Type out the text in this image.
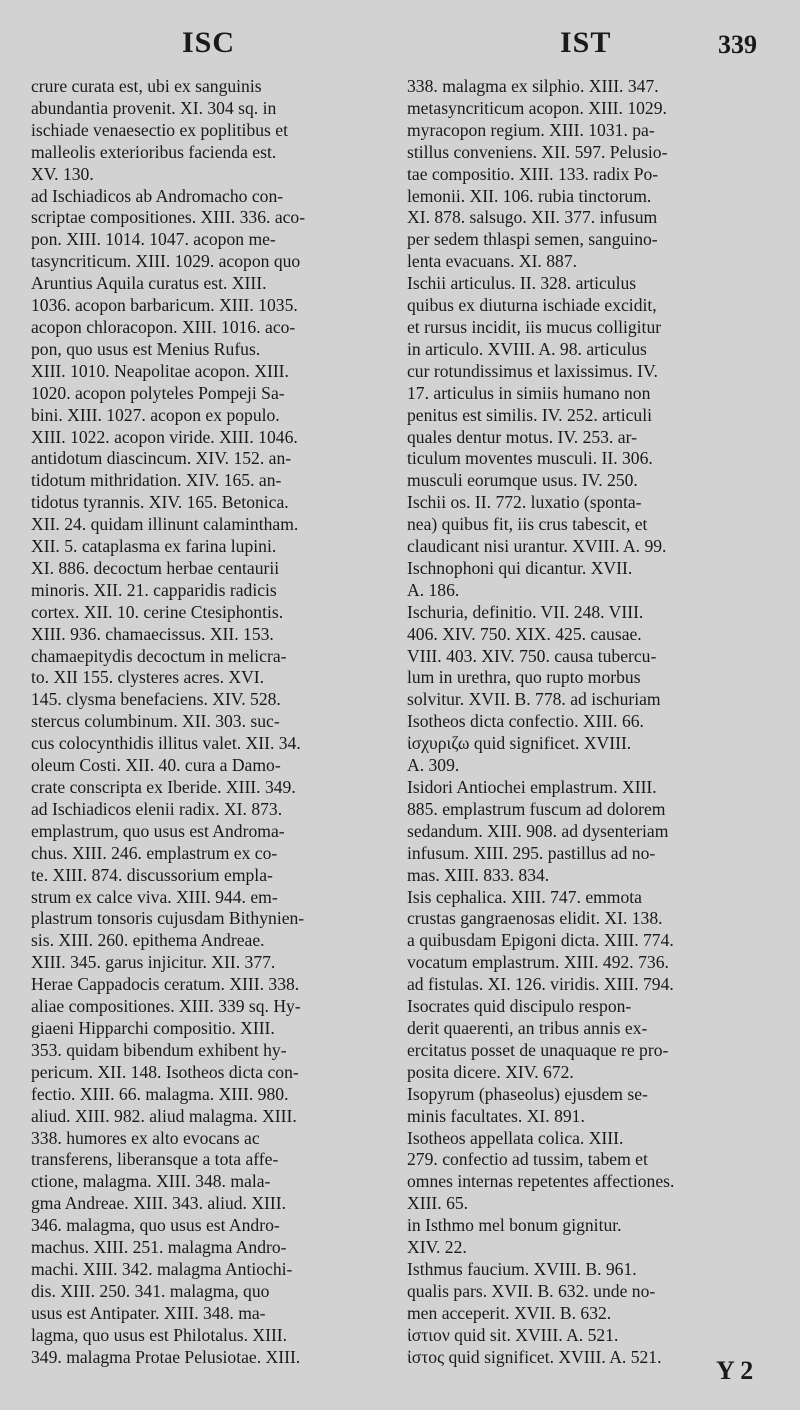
ISC	IST	339
crure curata est, ubi ex sanguinis
abundantia provenit. XI. 304 sq. in
ischiade venaesectio ex poplitibus et
malleolis exterioribus facienda est.
XV. 130.
ad Ischiadicos ab Andromacho con-
scriptae compositiones. XIII. 336. aco-
pon. XIII. 1014. 1047. acopon me-
tasyncriticum. XIII. 1029. acopon quo
Aruntius Aquila curatus est. XIII.
1036. acopon barbaricum. XIII. 1035.
acopon chloracopon. XIII. 1016. aco-
pon, quo usus est Menius Rufus.
XIII. 1010. Neapolitae acopon. XIII.
1020. acopon polyteles Pompeji Sa-
bini. XIII. 1027. acopon ex populo.
XIII. 1022. acopon viride. XIII. 1046.
antidotum diascincum. XIV. 152. an-
tidotum mithridation. XIV. 165. an-
tidotus tyrannis. XIV. 165. Betonica.
XII. 24. quidam illinunt calamintham.
XII. 5. cataplasma ex farina lupini.
XI. 886. decoctum herbae centaurii
minoris. XII. 21. capparidis radicis
cortex. XII. 10. cerine Ctesiphontis.
XIII. 936. chamaecissus. XII. 153.
chamaepitydis decoctum in melicra-
to. XII 155. clysteres acres. XVI.
145. clysma benefaciens. XIV. 528.
stercus columbinum. XII. 303. suc-
cus colocynthidis illitus valet. XII. 34.
oleum Costi. XII. 40. cura a Damo-
crate conscripta ex Iberide. XIII. 349.
ad Ischiadicos elenii radix. XI. 873.
emplastrum, quo usus est Androma-
chus. XIII. 246. emplastrum ex co-
te. XIII. 874. discussorium empla-
strum ex calce viva. XIII. 944. em-
plastrum tonsoris cujusdam Bithynien-
sis. XIII. 260. epithema Andreae.
XIII. 345. garus injicitur. XII. 377.
Herae Cappadocis ceratum. XIII. 338.
aliae compositiones. XIII. 339 sq. Hy-
giaeni Hipparchi compositio. XIII.
353. quidam bibendum exhibent hy-
pericum. XII. 148. Isotheos dicta con-
fectio. XIII. 66. malagma. XIII. 980.
aliud. XIII. 982. aliud malagma. XIII.
338. humores ex alto evocans ac
transferens, liberansque a tota affe-
ctione, malagma. XIII. 348. mala-
gma Andreae. XIII. 343. aliud. XIII.
346. malagma, quo usus est Andro-
machus. XIII. 251. malagma Andro-
machi. XIII. 342. malagma Antiochi-
dis. XIII. 250. 341. malagma, quo
usus est Antipater. XIII. 348. ma-
lagma, quo usus est Philotalus. XIII.
349. malagma Protae Pelusiotae. XIII.
338. malagma ex silphio. XIII. 347.
metasyncriticum acopon. XIII. 1029.
myracopon regium. XIII. 1031. pa-
stillus conveniens. XII. 597. Pelusio-
tae compositio. XIII. 133. radix Po-
lemonii. XII. 106. rubia tinctorum.
XI. 878. salsugo. XII. 377. infusum
per sedem thlaspi semen, sanguino-
lenta evacuans. XI. 887.
Ischii articulus. II. 328. articulus
quibus ex diuturna ischiade excidit,
et rursus incidit, iis mucus colligitur
in articulo. XVIII. A. 98. articulus
cur rotundissimus et laxissimus. IV.
17. articulus in simiis humano non
penitus est similis. IV. 252. articuli
quales dentur motus. IV. 253. ar-
ticulum moventes musculi. II. 306.
musculi eorumque usus. IV. 250.
Ischii os. II. 772. luxatio (sponta-
nea) quibus fit, iis crus tabescit, et
claudicant nisi urantur. XVIII. A. 99.
Ischnophoni qui dicantur. XVII.
A. 186.
Ischuria, definitio. VII. 248. VIII.
406. XIV. 750. XIX. 425. causae.
VIII. 403. XIV. 750. causa tubercu-
lum in urethra, quo rupto morbus
solvitur. XVII. B. 778. ad ischuriam
Isotheos dicta confectio. XIII. 66.
ἰσχυριζω quid significet. XVIII.
A. 309.
Isidori Antiochei emplastrum. XIII.
885. emplastrum fuscum ad dolorem
sedandum. XIII. 908. ad dysenteriam
infusum. XIII. 295. pastillus ad no-
mas. XIII. 833. 834.
Isis cephalica. XIII. 747. emmota
crustas gangraenosas elidit. XI. 138.
a quibusdam Epigoni dicta. XIII. 774.
vocatum emplastrum. XIII. 492. 736.
ad fistulas. XI. 126. viridis. XIII. 794.
Isocrates quid discipulo respon-
derit quaerenti, an tribus annis ex-
ercitatus posset de unaquaque re pro-
posita dicere. XIV. 672.
Isopyrum (phaseolus) ejusdem se-
minis facultates. XI. 891.
Isotheos appellata colica. XIII.
279. confectio ad tussim, tabem et
omnes internas repetentes affectiones.
XIII. 65.
in Isthmo mel bonum gignitur.
XIV. 22.
Isthmus faucium. XVIII. B. 961.
qualis pars. XVII. B. 632. unde no-
men acceperit. XVII. B. 632.
ἰστιον quid sit. XVIII. A. 521.
ἰστος quid significet. XVIII. A. 521.	Y 2
